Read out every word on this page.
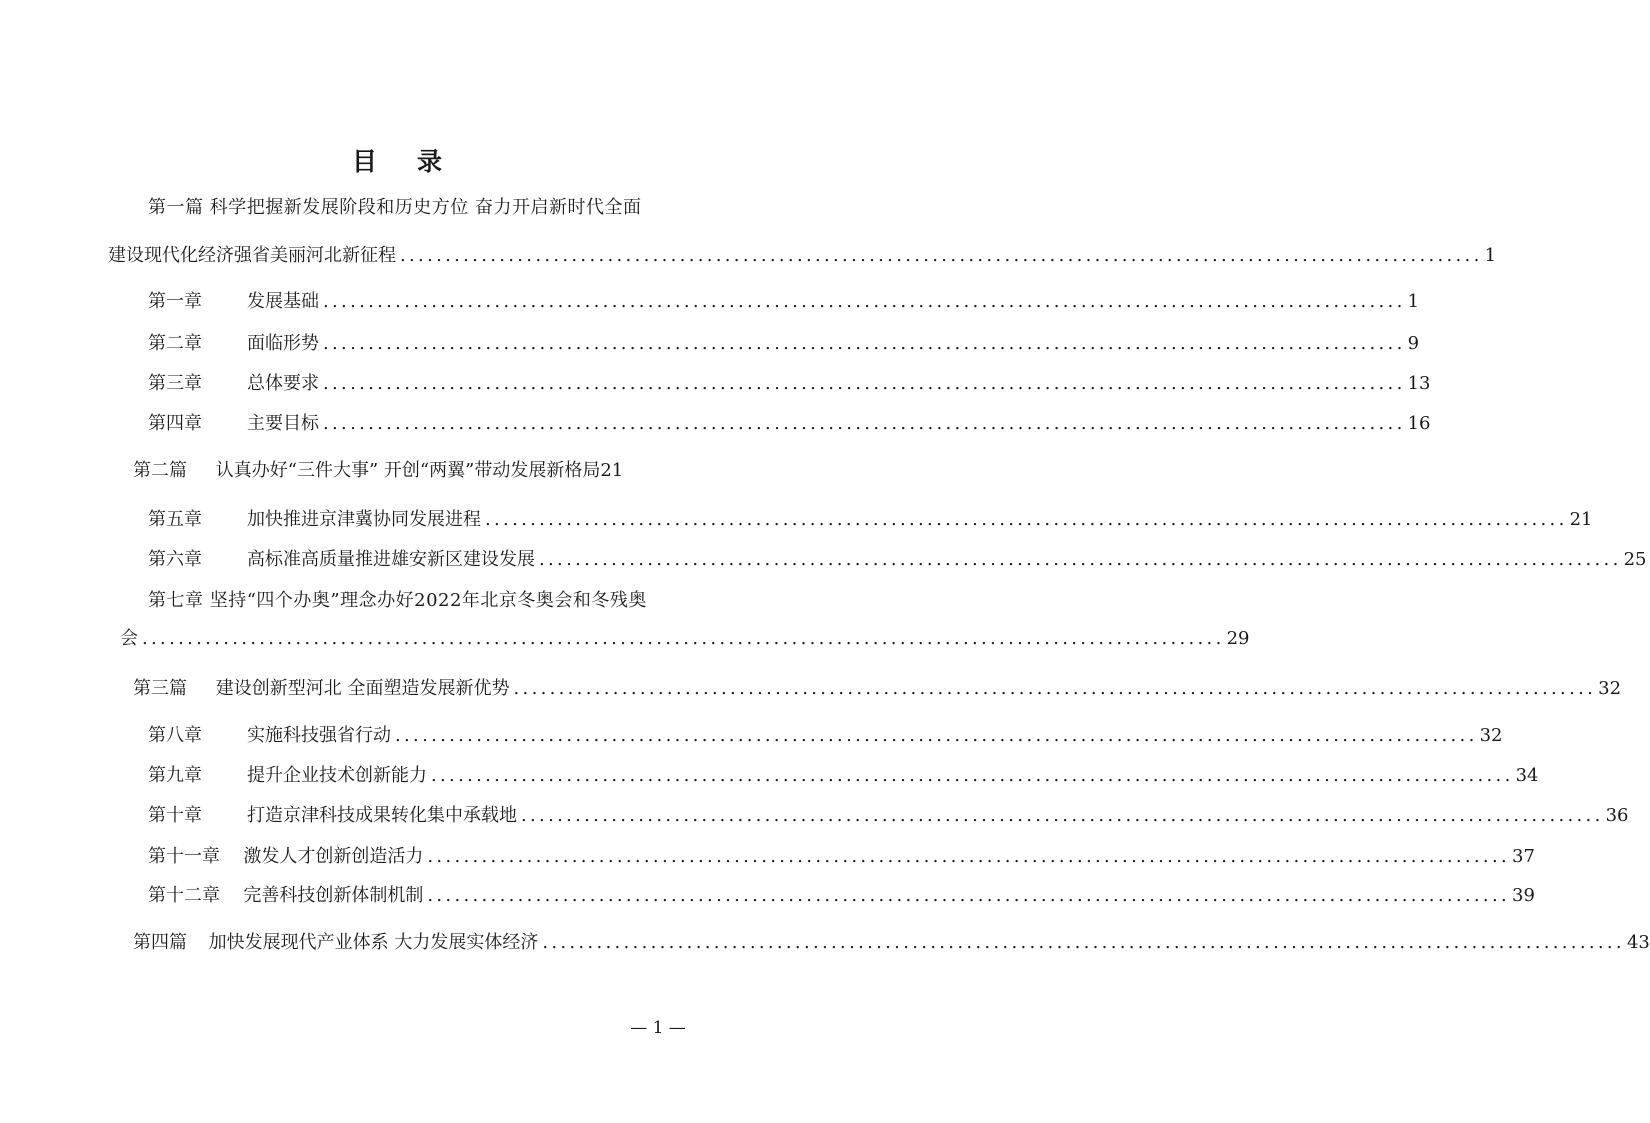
目 录
第一篇 科学把握新发展阶段和历史方位 奋力开启新时代全面
建设现代化经济强省美丽河北新征程 ........................................................................................................................ 1
第一章	发展基础 ........................................................................................................................ 1
第二章	面临形势 ........................................................................................................................ 9
第三章	总体要求 ........................................................................................................................ 13
第四章	主要目标 ........................................................................................................................ 16
第二篇 认真办好“三件大事” 开创“两翼”带动发展新格局 21
第五章	加快推进京津冀协同发展进程 ........................................................................................................................ 21
第六章	高标准高质量推进雄安新区建设发展 ........................................................................................................................ 25
第七章 坚持“四个办奥”理念办好2022年北京冬奥会和冬残奥
会 ........................................................................................................................ 29
第三篇 建设创新型河北 全面塑造发展新优势 ........................................................................................................................ 32
第八章	实施科技强省行动 ........................................................................................................................ 32
第九章	提升企业技术创新能力 ........................................................................................................................ 34
第十章	打造京津科技成果转化集中承载地 ........................................................................................................................ 36
第十一章 激发人才创新创造活力 ........................................................................................................................ 37
第十二章 完善科技创新体制机制 ........................................................................................................................ 39
第四篇 加快发展现代产业体系 大力发展实体经济 ........................................................................................................................ 43
— 1 —
